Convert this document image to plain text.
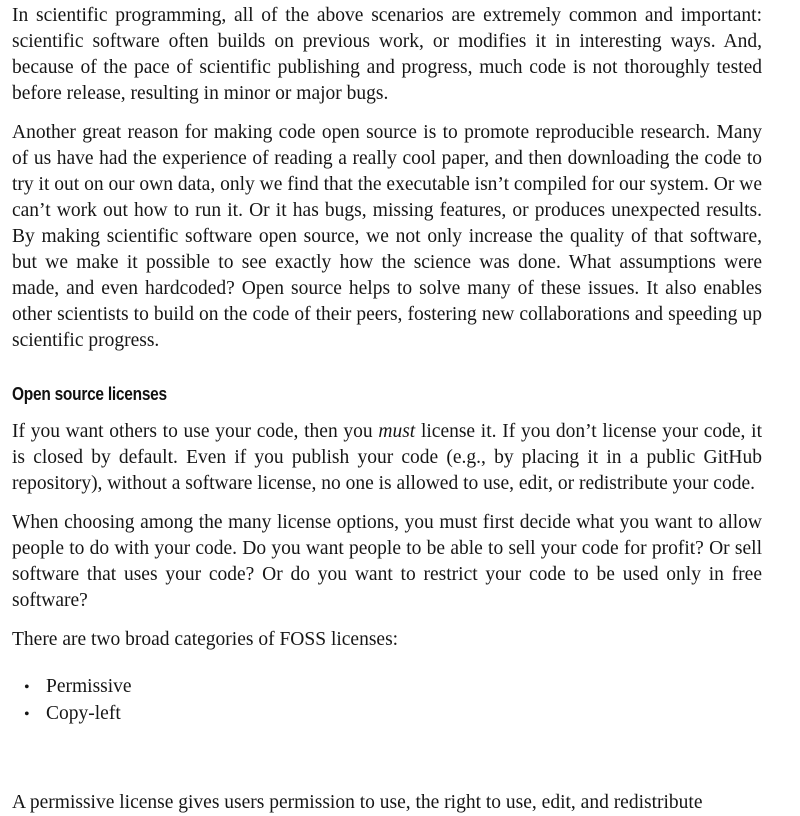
In scientific programming, all of the above scenarios are extremely common and important: scientific software often builds on previous work, or modifies it in interesting ways. And, because of the pace of scientific publishing and progress, much code is not thoroughly tested before release, resulting in minor or major bugs.

Another great reason for making code open source is to promote reproducible research. Many of us have had the experience of reading a really cool paper, and then downloading the code to try it out on our own data, only we find that the executable isn’t compiled for our system. Or we can’t work out how to run it. Or it has bugs, missing features, or produces unexpected results. By making scientific software open source, we not only increase the quality of that software, but we make it possible to see exactly how the science was done. What assumptions were made, and even hardcoded? Open source helps to solve many of these issues. It also enables other scientists to build on the code of their peers, fostering new collaborations and speeding up scientific progress.

Open source licenses

If you want others to use your code, then you must license it. If you don’t license your code, it is closed by default. Even if you publish your code (e.g., by placing it in a public GitHub repository), without a software license, no one is allowed to use, edit, or redistribute your code.

When choosing among the many license options, you must first decide what you want to allow people to do with your code. Do you want people to be able to sell your code for profit? Or sell software that uses your code? Or do you want to restrict your code to be used only in free software?

There are two broad categories of FOSS licenses:

• Permissive
• Copy-left
A permissive license gives users permission to use, the right to use, edit, and redistribute
